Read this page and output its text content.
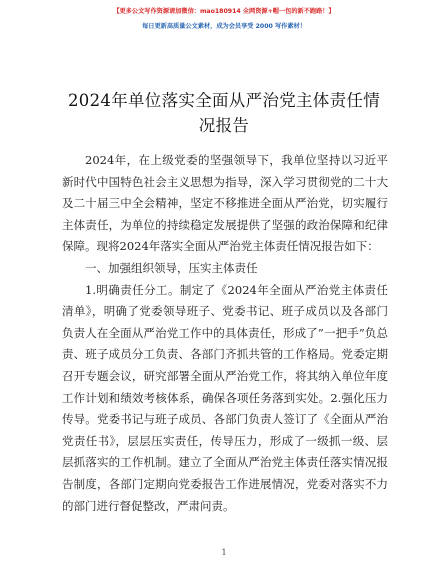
【更多公文写作资源请加微信：mao180914 全网资源+帽一包的新不跑路！】
每日更新高质量公文素材，成为会员享受 2000 写作素材！
2024年单位落实全面从严治党主体责任情况报告

2024年，在上级党委的坚强领导下，我单位坚持以习近平新时代中国特色社会主义思想为指导，深入学习贯彻党的二十大及二十届三中全会精神，坚定不移推进全面从严治党，切实履行主体责任，为单位的持续稳定发展提供了坚强的政治保障和纪律保障。现将2024年落实全面从严治党主体责任情况报告如下：

一、加强组织领导，压实主体责任

1.明确责任分工。制定了《2024年全面从严治党主体责任清单》，明确了党委领导班子、党委书记、班子成员以及各部门负责人在全面从严治党工作中的具体责任，形成了”一把手”负总责、班子成员分工负责、各部门齐抓共管的工作格局。党委定期召开专题会议，研究部署全面从严治党工作，将其纳入单位年度工作计划和绩效考核体系，确保各项任务落到实处。2.强化压力传导。党委书记与班子成员、各部门负责人签订了《全面从严治党责任书》，层层压实责任，传导压力，形成了一级抓一级、层层抓落实的工作机制。建立了全面从严治党主体责任落实情况报告制度，各部门定期向党委报告工作进展情况，党委对落实不力的部门进行督促整改，严肃问责。

1
